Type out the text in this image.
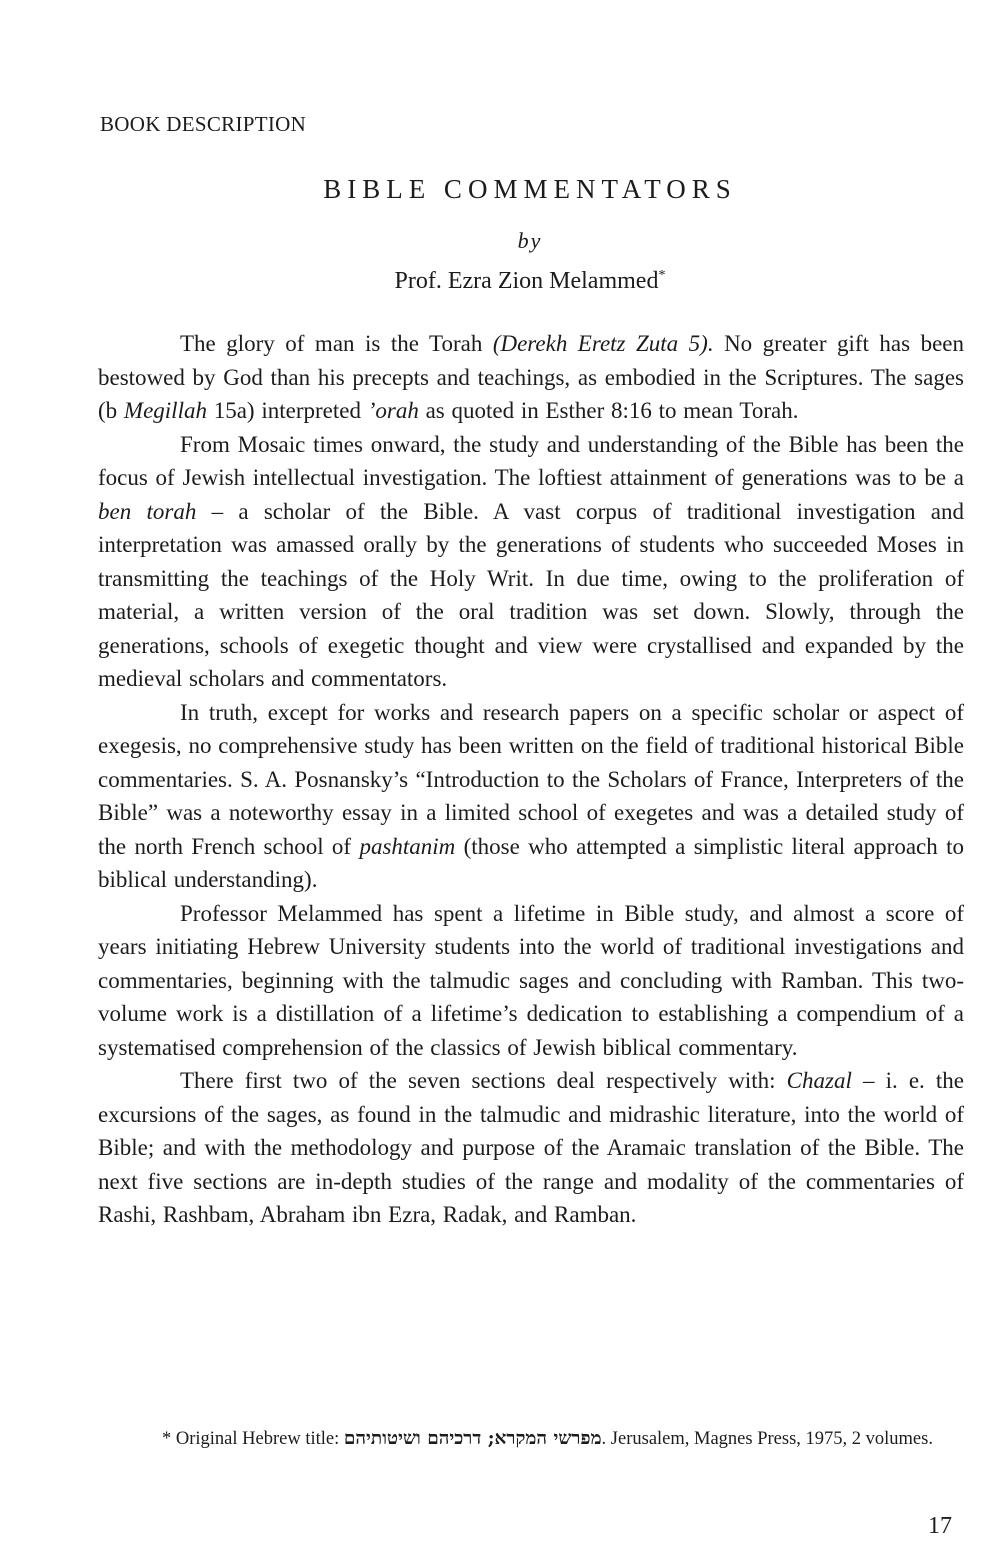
BOOK DESCRIPTION
BIBLE COMMENTATORS
by
Prof. Ezra Zion Melammed*

The glory of man is the Torah (Derekh Eretz Zuta 5). No greater gift has been bestowed by God than his precepts and teachings, as embodied in the Scriptures. The sages (b Megillah 15a) interpreted ’orah as quoted in Esther 8:16 to mean Torah.

From Mosaic times onward, the study and understanding of the Bible has been the focus of Jewish intellectual investigation. The loftiest attainment of generations was to be a ben torah – a scholar of the Bible. A vast corpus of traditional investigation and interpretation was amassed orally by the generations of students who succeeded Moses in transmitting the teachings of the Holy Writ. In due time, owing to the proliferation of material, a written version of the oral tradition was set down. Slowly, through the generations, schools of exegetic thought and view were crystallised and expanded by the medieval scholars and commentators.

In truth, except for works and research papers on a specific scholar or aspect of exegesis, no comprehensive study has been written on the field of traditional historical Bible commentaries. S. A. Posnansky’s “Introduction to the Scholars of France, Interpreters of the Bible” was a noteworthy essay in a limited school of exegetes and was a detailed study of the north French school of pashtanim (those who attempted a simplistic literal approach to biblical understanding).

Professor Melammed has spent a lifetime in Bible study, and almost a score of years initiating Hebrew University students into the world of traditional investigations and commentaries, beginning with the talmudic sages and concluding with Ramban. This two-volume work is a distillation of a lifetime’s dedication to establishing a compendium of a systematised comprehension of the classics of Jewish biblical commentary.

There first two of the seven sections deal respectively with: Chazal – i. e. the excursions of the sages, as found in the talmudic and midrashic literature, into the world of Bible; and with the methodology and purpose of the Aramaic translation of the Bible. The next five sections are in-depth studies of the range and modality of the commentaries of Rashi, Rashbam, Abraham ibn Ezra, Radak, and Ramban.

* Original Hebrew title: מפרשי המקרא; דרכיהם ושיטותיהם. Jerusalem, Magnes Press, 1975, 2 volumes.
17
